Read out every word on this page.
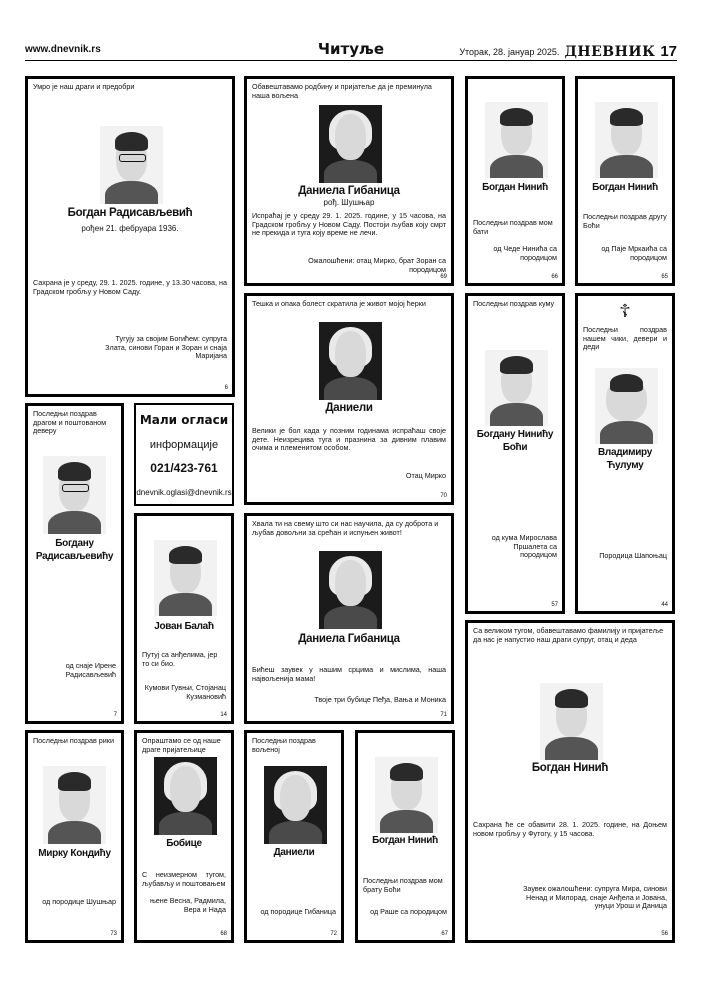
www.dnevnik.rs	Читуље	Уторак, 28. јануар 2025. ДНЕВНИК 17
Умро је наш драги и предобри
Богдан Радисављевић
рођен 21. фебруара 1936.
Сахрана је у среду, 29. 1. 2025. године, у 13.30 часова, на Градском гробљу у Новом Саду.
Тугују за својим Богићем: супруга Злата, синови Горан и Зоран и снаја Маријана
6
Обавештавамо родбину и пријатеље да је преминула наша вољена
Даниела Гибаница
рођ. Шушњар
Испраћај је у среду 29. 1. 2025. године, у 15 часова, на Градском гробљу у Новом Саду. Постоји љубав коју смрт не прекида и туга коју време не лечи.
Ожалошћени: отац Мирко, брат Зоран са породицом
69
Богдан Нинић
Последњи поздрав мом бати
од Чеде Нинића са породицом
66
Богдан Нинић
Последњи поздрав другу Боћи
од Паје Мркаића са породицом
65
Тешка и опака болест скратила је живот мојој ћерки
Даниели
Велики је бол када у позним годинама испраћаш своје дете. Неизрецива туга и празнина за дивним плавим очима и племенитом особом.
Отац Мирко
70
Последњи поздрав куму
Богдану Нинићу Боћи
од кума Мирослава Пршалета са породицом
57
☦
Последњи поздрав нашем чики, девери и деди
Владимиру Ћулуму
Породица Шапоњац
44
Последњи поздрав драгом и поштованом деверу
Богдану Радисављевићу
од снаје Ирене Радисављевић
7
Мали огласи
информације
021/423-761
dnevnik.oglasi@dnevnik.rs
Јован Балаћ
Путуј са анђелима, јер то си био.
Кумови Гувњи, Стојанац Кузмановић
14
Хвала ти на свему што си нас научила, да су доброта и љубав довољни за срећан и испуњен живот!
Даниела Гибаница
Бићеш заувек у нашим срцима и мислима, наша највољенија мама!
Твоје три бубице Пеђа, Вања и Моника
71
Са великом тугом, обавештавамо фамилију и пријатеље да нас је напустио наш драги супруг, отац и деда
Богдан Нинић
Сахрана ће се обавити 28. 1. 2025. године, на Доњем новом гробљу у Футогу, у 15 часова.
Заувек ожалошћени: супруга Мира, синови Ненад и Милорад, снаје Анђела и Јована, унуци Урош и Даница
56
Последњи поздрав рики
Мирку Кондићу
од породице Шушњар
73
Опраштамо се од наше драге пријатељице
Бобице
С неизмерном тугом, љубављу и поштовањем
њене Весна, Радмила, Вера и Нада
68
Последњи поздрав вољеној
Даниели
од породице Гибаница
72
Богдан Нинић
Последњи поздрав мом брату Боћи
од Раше са породицом
67
